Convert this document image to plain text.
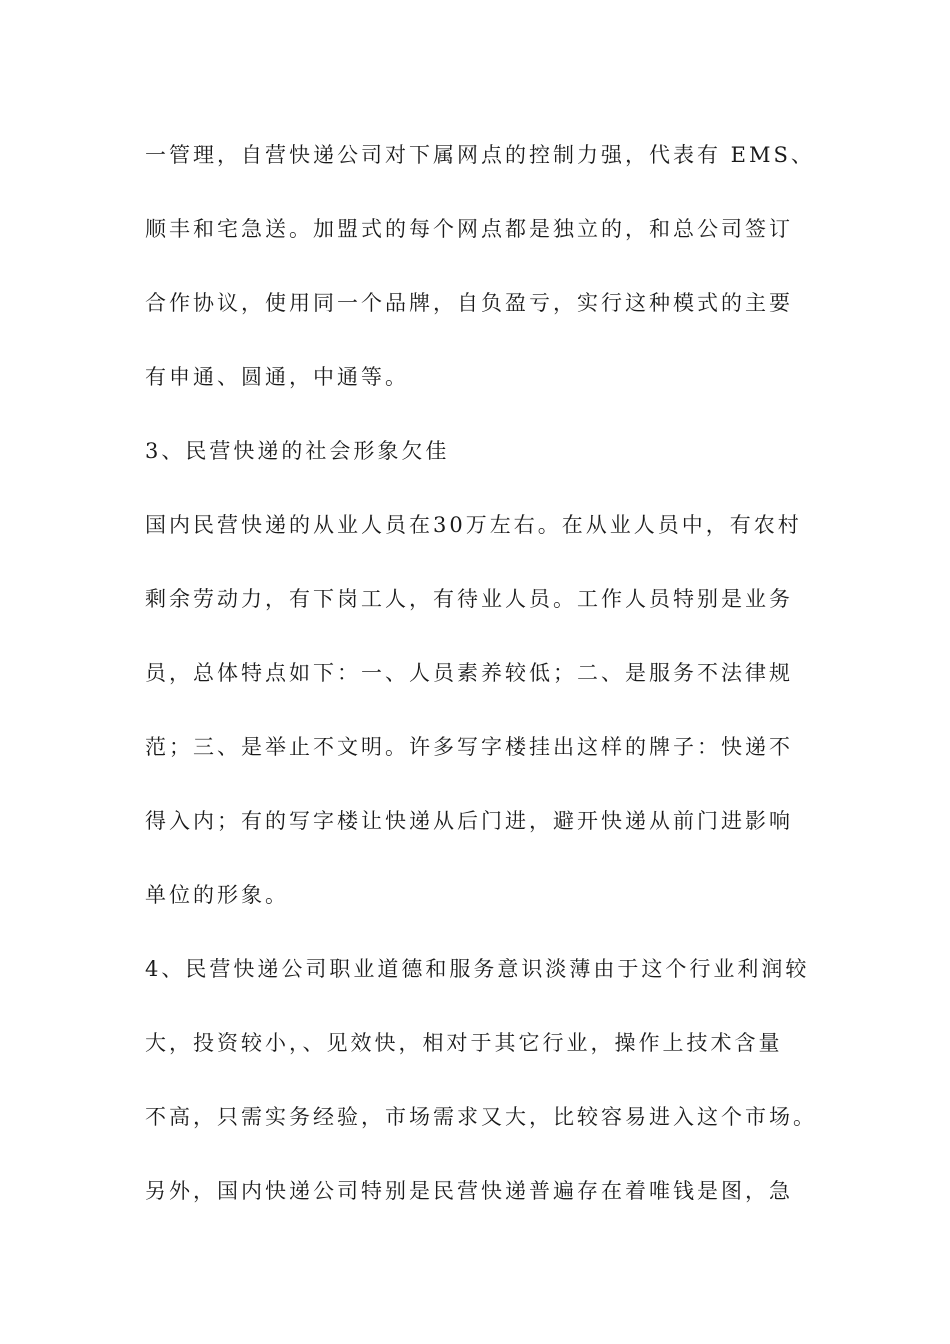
一管理，自营快递公司对下属网点的控制力强，代表有 EMS、
顺丰和宅急送。加盟式的每个网点都是独立的，和总公司签订
合作协议，使用同一个品牌，自负盈亏，实行这种模式的主要
有申通、圆通，中通等。
3、民营快递的社会形象欠佳
国内民营快递的从业人员在30万左右。在从业人员中，有农村
剩余劳动力，有下岗工人，有待业人员。工作人员特别是业务
员，总体特点如下：一、人员素养较低；二、是服务不法律规
范；三、是举止不文明。许多写字楼挂出这样的牌子：快递不
得入内；有的写字楼让快递从后门进，避开快递从前门进影响
单位的形象。
4、民营快递公司职业道德和服务意识淡薄由于这个行业利润较
大，投资较小，、见效快，相对于其它行业，操作上技术含量
不高，只需实务经验，市场需求又大，比较容易进入这个市场。
另外，国内快递公司特别是民营快递普遍存在着唯钱是图，急
